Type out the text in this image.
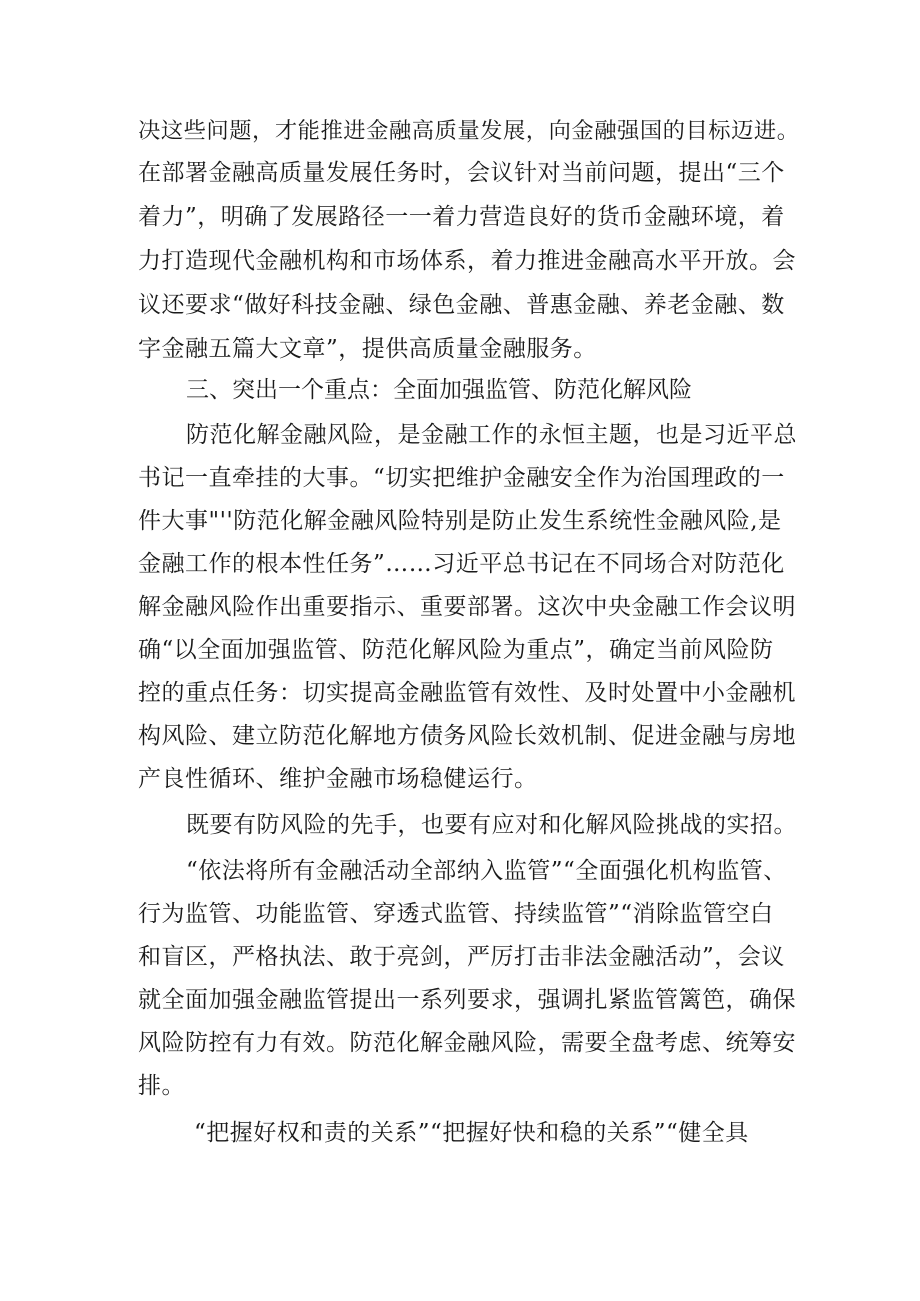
决这些问题，才能推进金融高质量发展，向金融强国的目标迈进。
在部署金融高质量发展任务时，会议针对当前问题，提出“三个
着力”，明确了发展路径一一着力营造良好的货币金融环境，着
力打造现代金融机构和市场体系，着力推进金融高水平开放。会
议还要求“做好科技金融、绿色金融、普惠金融、养老金融、数
字金融五篇大文章”，提供高质量金融服务。
三、突出一个重点：全面加强监管、防范化解风险
防范化解金融风险，是金融工作的永恒主题，也是习近平总
书记一直牵挂的大事。“切实把维护金融安全作为治国理政的一
件大事"''防范化解金融风险特别是防止发生系统性金融风险,是
金融工作的根本性任务”……习近平总书记在不同场合对防范化
解金融风险作出重要指示、重要部署。这次中央金融工作会议明
确“以全面加强监管、防范化解风险为重点”，确定当前风险防
控的重点任务：切实提高金融监管有效性、及时处置中小金融机
构风险、建立防范化解地方债务风险长效机制、促进金融与房地
产良性循环、维护金融市场稳健运行。
既要有防风险的先手，也要有应对和化解风险挑战的实招。
“依法将所有金融活动全部纳入监管”“全面强化机构监管、
行为监管、功能监管、穿透式监管、持续监管”“消除监管空白
和盲区，严格执法、敢于亮剑，严厉打击非法金融活动”，会议
就全面加强金融监管提出一系列要求，强调扎紧监管篱笆，确保
风险防控有力有效。防范化解金融风险，需要全盘考虑、统筹安
排。
“把握好权和责的关系”“把握好快和稳的关系”“健全具
